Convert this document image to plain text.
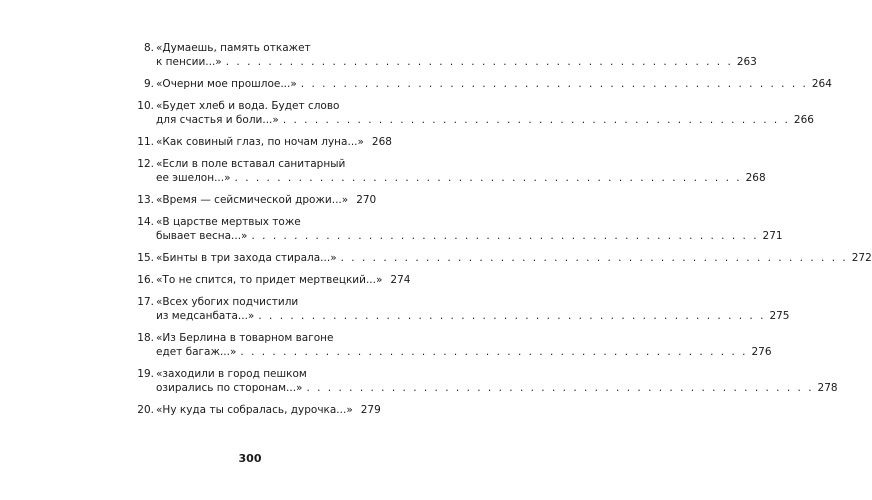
8. «Думаешь, память откажет
к пенсии...» . . . . . . . . . . . . . . . . . . . . . . . . . . . . . . . . . . . . . . . . . . . . . . . . 263
9. «Очерни мое прошлое...» . . . . . . . . . . . . . . . . . . . . . . . . . . . . . . . . . . . . . . . . . . . . . . . . 264
10. «Будет хлеб и вода. Будет слово
для счастья и боли...» . . . . . . . . . . . . . . . . . . . . . . . . . . . . . . . . . . . . . . . . . . . . . . . . 266
11. «Как совиный глаз, по ночам луна...» 268
12. «Если в поле вставал санитарный
ее эшелон...» . . . . . . . . . . . . . . . . . . . . . . . . . . . . . . . . . . . . . . . . . . . . . . . . 268
13. «Время — сейсмической дрожи...» 270
14. «В царстве мертвых тоже
бывает весна...» . . . . . . . . . . . . . . . . . . . . . . . . . . . . . . . . . . . . . . . . . . . . . . . . 271
15. «Бинты в три захода стирала...» . . . . . . . . . . . . . . . . . . . . . . . . . . . . . . . . . . . . . . . . . . . . . . . . 272
16. «То не спится, то придет мертвецкий...» 274
17. «Всех убогих подчистили
из медсанбата...» . . . . . . . . . . . . . . . . . . . . . . . . . . . . . . . . . . . . . . . . . . . . . . . . 275
18. «Из Берлина в товарном вагоне
едет багаж...» . . . . . . . . . . . . . . . . . . . . . . . . . . . . . . . . . . . . . . . . . . . . . . . . 276
19. «заходили в город пешком
озирались по сторонам...» . . . . . . . . . . . . . . . . . . . . . . . . . . . . . . . . . . . . . . . . . . . . . . . . 278
20. «Ну куда ты собралась, дурочка...» 279
300
